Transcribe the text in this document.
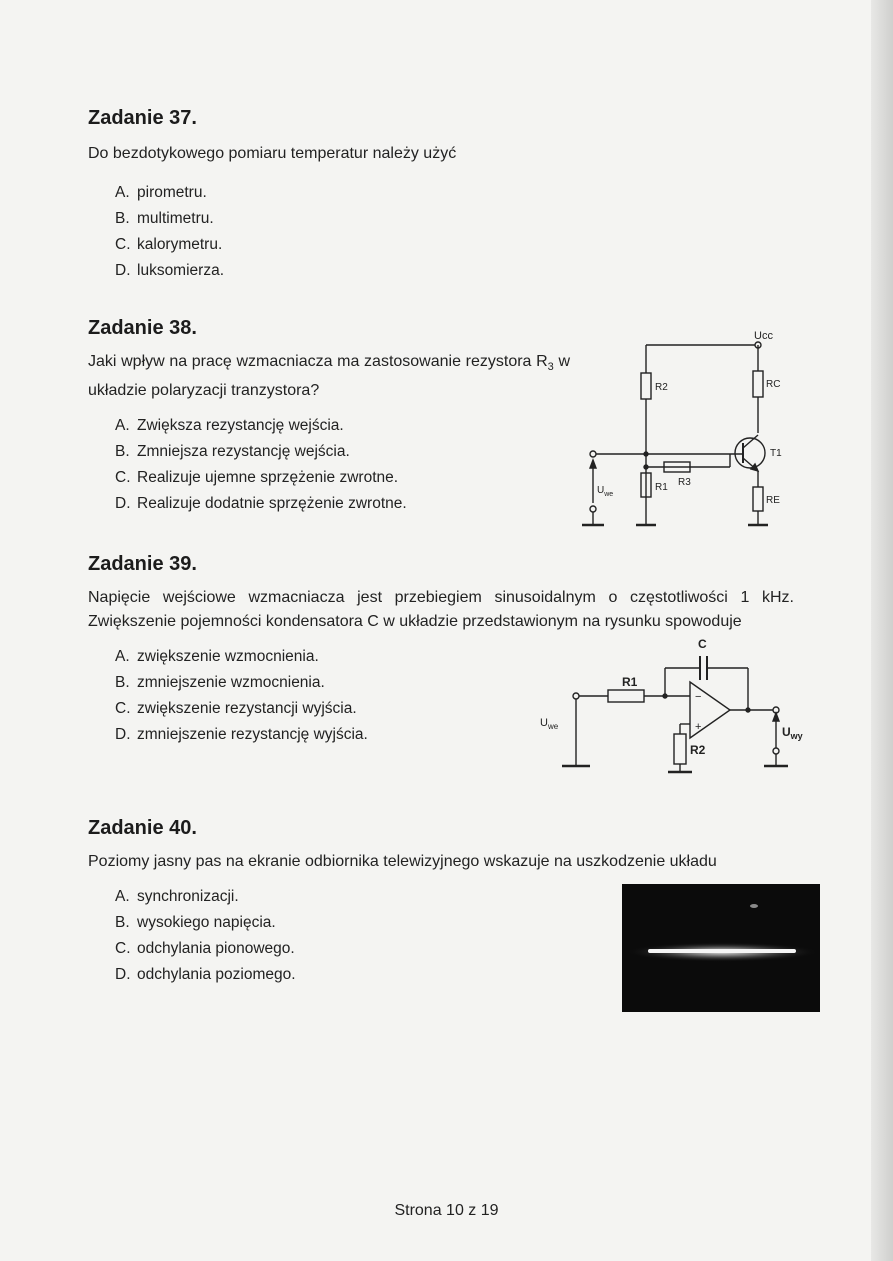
Zadanie 37.

Do bezdotykowego pomiaru temperatur należy użyć

A. pirometru.
B. multimetru.
C. kalorymetru.
D. luksomierza.
Zadanie 38.

Jaki wpływ na pracę wzmacniacza ma zastosowanie rezystora $R_3$ w układzie polaryzacji tranzystora?

A. Zwiększa rezystancję wejścia.
B. Zmniejsza rezystancję wejścia.
C. Realizuje ujemne sprzężenie zwrotne.
D. Realizuje dodatnie sprzężenie zwrotne.
Ucc
R2	RC
T1
RE
R3
R1
$U_{we}$
Zadanie 39.

Napięcie wejściowe wzmacniacza jest przebiegiem sinusoidalnym o częstotliwości 1 kHz. Zwiększenie pojemności kondensatora C w układzie przedstawionym na rysunku spowoduje

A. zwiększenie wzmocnienia.
B. zmniejszenie wzmocnienia.
C. zwiększenie rezystancji wyjścia.
D. zmniejszenie rezystancję wyjścia.
C
R1
−
+
R2
$U_{we}$	$U_{wy}$
Zadanie 40.

Poziomy jasny pas na ekranie odbiornika telewizyjnego wskazuje na uszkodzenie układu

A. synchronizacji.
B. wysokiego napięcia.
C. odchylania pionowego.
D. odchylania poziomego.
Strona 10 z 19
